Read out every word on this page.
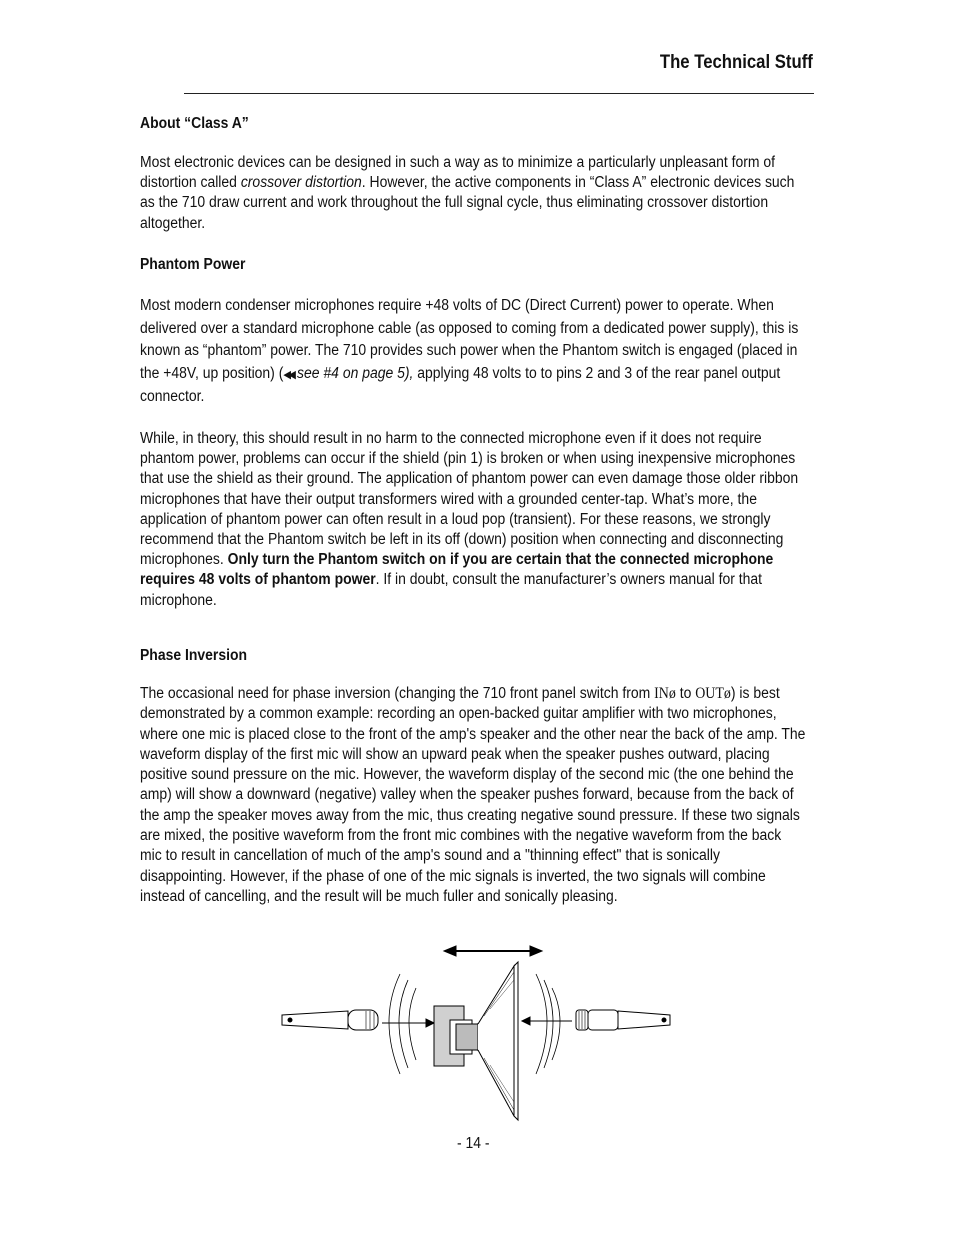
The Technical Stuff
About “Class A”
Most electronic devices can be designed in such a way as to minimize a particularly unpleasant form of distortion called crossover distortion. However, the active components in “Class A” electronic devices such as the 710 draw current and work throughout the full signal cycle, thus eliminating crossover distortion altogether.
Phantom Power
Most modern condenser microphones require +48 volts of DC (Direct Current) power to operate. When delivered over a standard microphone cable (as opposed to coming from a dedicated power supply), this is known as “phantom” power. The 710 provides such power when the Phantom switch is engaged (placed in the +48V, up position) (◀◀ see #4 on page 5), applying 48 volts to to pins 2 and 3 of the rear panel output connector.
While, in theory, this should result in no harm to the connected microphone even if it does not require phantom power, problems can occur if the shield (pin 1) is broken or when using inexpensive microphones that use the shield as their ground. The application of phantom power can even damage those older ribbon microphones that have their output transformers wired with a grounded center-tap. What’s more, the application of phantom power can often result in a loud pop (transient). For these reasons, we strongly recommend that the Phantom switch be left in its off (down) position when connecting and disconnecting microphones. Only turn the Phantom switch on if you are certain that the connected microphone requires 48 volts of phantom power. If in doubt, consult the manufacturer’s owners manual for that microphone.
Phase Inversion
The occasional need for phase inversion (changing the 710 front panel switch from INø to OUTø) is best demonstrated by a common example: recording an open-backed guitar amplifier with two microphones, where one mic is placed close to the front of the amp's speaker and the other near the back of the amp. The waveform display of the first mic will show an upward peak when the speaker pushes outward, placing positive sound pressure on the mic. However, the waveform display of the second mic (the one behind the amp) will show a downward (negative) valley when the speaker pushes forward, because from the back of the amp the speaker moves away from the mic, thus creating negative sound pressure. If these two signals are mixed, the positive waveform from the front mic combines with the negative waveform from the back mic to result in cancellation of much of the amp's sound and a "thinning effect" that is sonically disappointing. However, if the phase of one of the mic signals is inverted, the two signals will combine instead of cancelling, and the result will be much fuller and sonically pleasing.
- 14 -
